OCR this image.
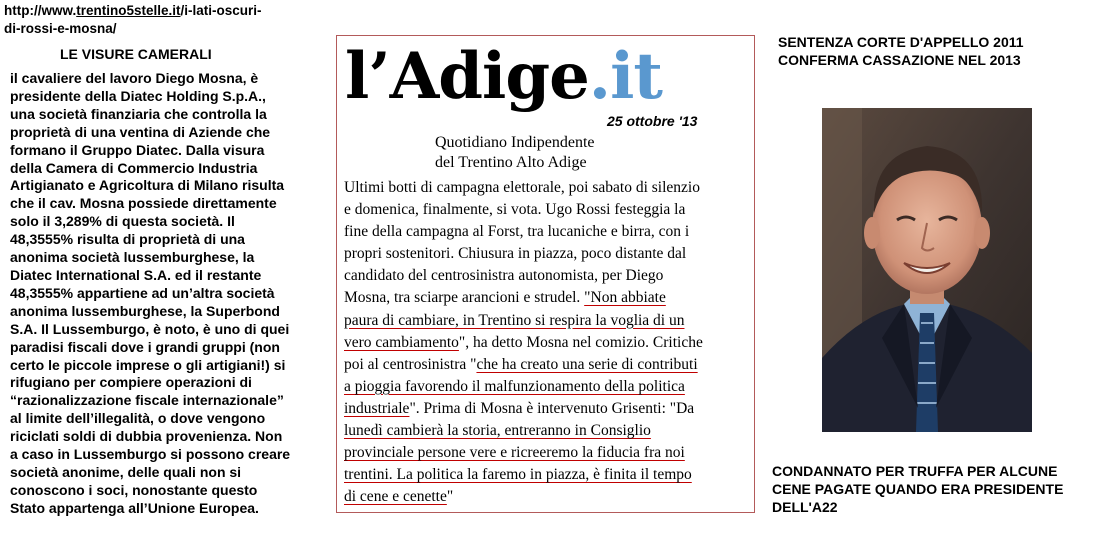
http://www.trentino5stelle.it/i-lati-oscuri-
di-rossi-e-mosna/
LE VISURE CAMERALI
il cavaliere del lavoro Diego Mosna, è
presidente della Diatec Holding S.p.A.,
una società finanziaria che controlla la
proprietà di una ventina di Aziende che
formano il Gruppo Diatec. Dalla visura
della Camera di Commercio Industria
Artigianato e Agricoltura di Milano risulta
che il cav. Mosna possiede direttamente
solo il 3,289% di questa società. Il
48,3555% risulta di proprietà di una
anonima società lussemburghese, la
Diatec International S.A. ed il restante
48,3555% appartiene ad un’altra società
anonima lussemburghese, la Superbond
S.A. Il Lussemburgo, è noto, è uno di quei
paradisi fiscali dove i grandi gruppi (non
certo le piccole imprese o gli artigiani!) si
rifugiano per compiere operazioni di
“razionalizzazione fiscale internazionale”
al limite dell’illegalità, o dove vengono
riciclati soldi di dubbia provenienza. Non
a caso in Lussemburgo si possono creare
società anonime, delle quali non si
conoscono i soci, nonostante questo
Stato appartenga all’Unione Europea.
l’Adige.it
25 ottobre '13
Quotidiano Indipendente
del Trentino Alto Adige
Ultimi botti di campagna elettorale, poi sabato di silenzio
e domenica, finalmente, si vota. Ugo Rossi festeggia la
fine della campagna al Forst, tra lucaniche e birra, con i
propri sostenitori. Chiusura in piazza, poco distante dal
candidato del centrosinistra autonomista, per Diego
Mosna, tra sciarpe arancioni e strudel. "Non abbiate
paura di cambiare, in Trentino si respira la voglia di un
vero cambiamento", ha detto Mosna nel comizio. Critiche
poi al centrosinistra "che ha creato una serie di contributi
a pioggia favorendo il malfunzionamento della politica
industriale". Prima di Mosna è intervenuto Grisenti: "Da
lunedì cambierà la storia, entreranno in Consiglio
provinciale persone vere e ricreeremo la fiducia fra noi
trentini. La politica la faremo in piazza, è finita il tempo
di cene e cenette"
SENTENZA CORTE D'APPELLO 2011
CONFERMA CASSAZIONE NEL 2013
CONDANNATO PER TRUFFA PER ALCUNE
CENE PAGATE QUANDO ERA PRESIDENTE
DELL'A22
